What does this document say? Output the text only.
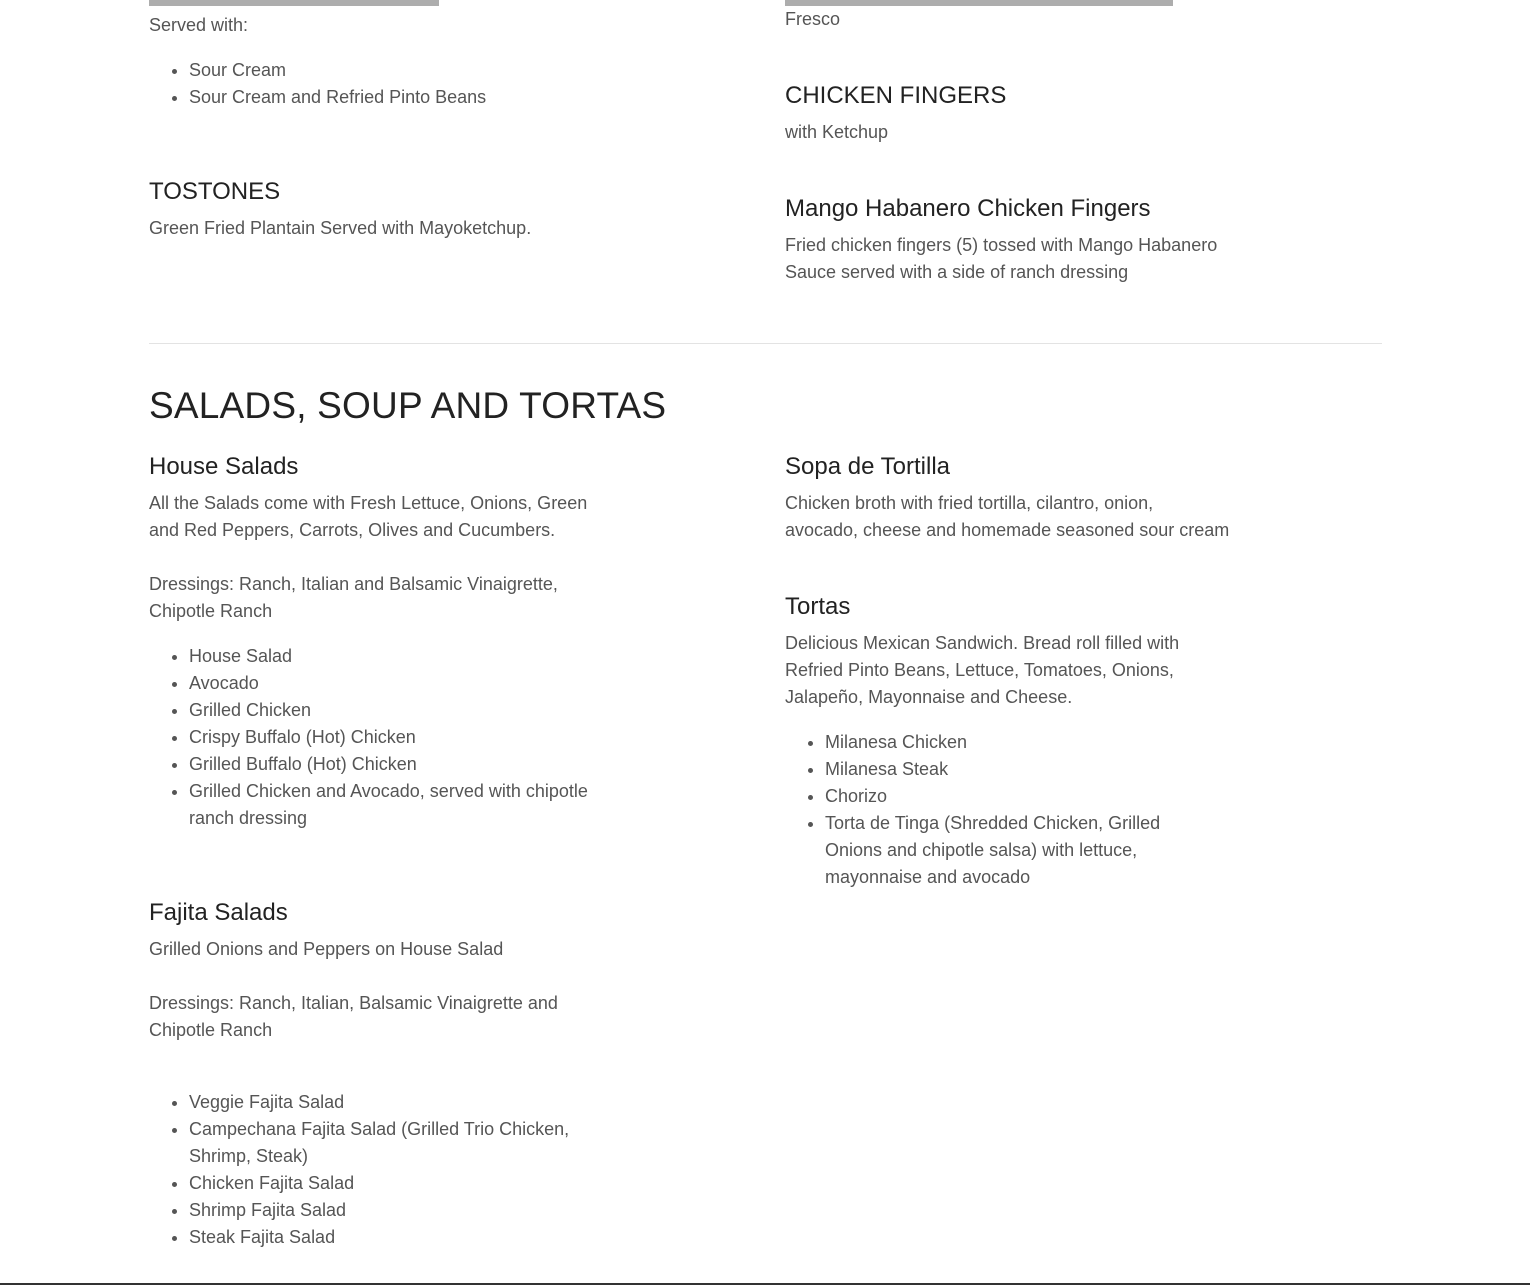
Served with:

• Sour Cream
• Sour Cream and Refried Pinto Beans
TOSTONES

Green Fried Plantain Served with Mayoketchup.

Fresco

CHICKEN FINGERS

with Ketchup

Mango Habanero Chicken Fingers

Fried chicken fingers (5) tossed with Mango Habanero

Sauce served with a side of ranch dressing

SALADS, SOUP AND TORTAS
House Salads

All the Salads come with Fresh Lettuce, Onions, Green

and Red Peppers, Carrots, Olives and Cucumbers.

Dressings: Ranch, Italian and Balsamic Vinaigrette,

Chipotle Ranch

• House Salad
• Avocado
• Grilled Chicken
• Crispy Buffalo (Hot) Chicken
• Grilled Buffalo (Hot) Chicken
• Grilled Chicken and Avocado, served with chipotle ranch dressing
Fajita Salads

Grilled Onions and Peppers on House Salad

Dressings: Ranch, Italian, Balsamic Vinaigrette and

Chipotle Ranch

• Veggie Fajita Salad
• Campechana Fajita Salad (Grilled Trio Chicken, Shrimp, Steak)
• Chicken Fajita Salad
• Shrimp Fajita Salad
• Steak Fajita Salad
Sopa de Tortilla

Chicken broth with fried tortilla, cilantro, onion,

avocado, cheese and homemade seasoned sour cream

Tortas

Delicious Mexican Sandwich. Bread roll filled with

Refried Pinto Beans, Lettuce, Tomatoes, Onions,

Jalapeño, Mayonnaise and Cheese.

• Milanesa Chicken
• Milanesa Steak
• Chorizo
• Torta de Tinga (Shredded Chicken, Grilled Onions and chipotle salsa) with lettuce, mayonnaise and avocado
